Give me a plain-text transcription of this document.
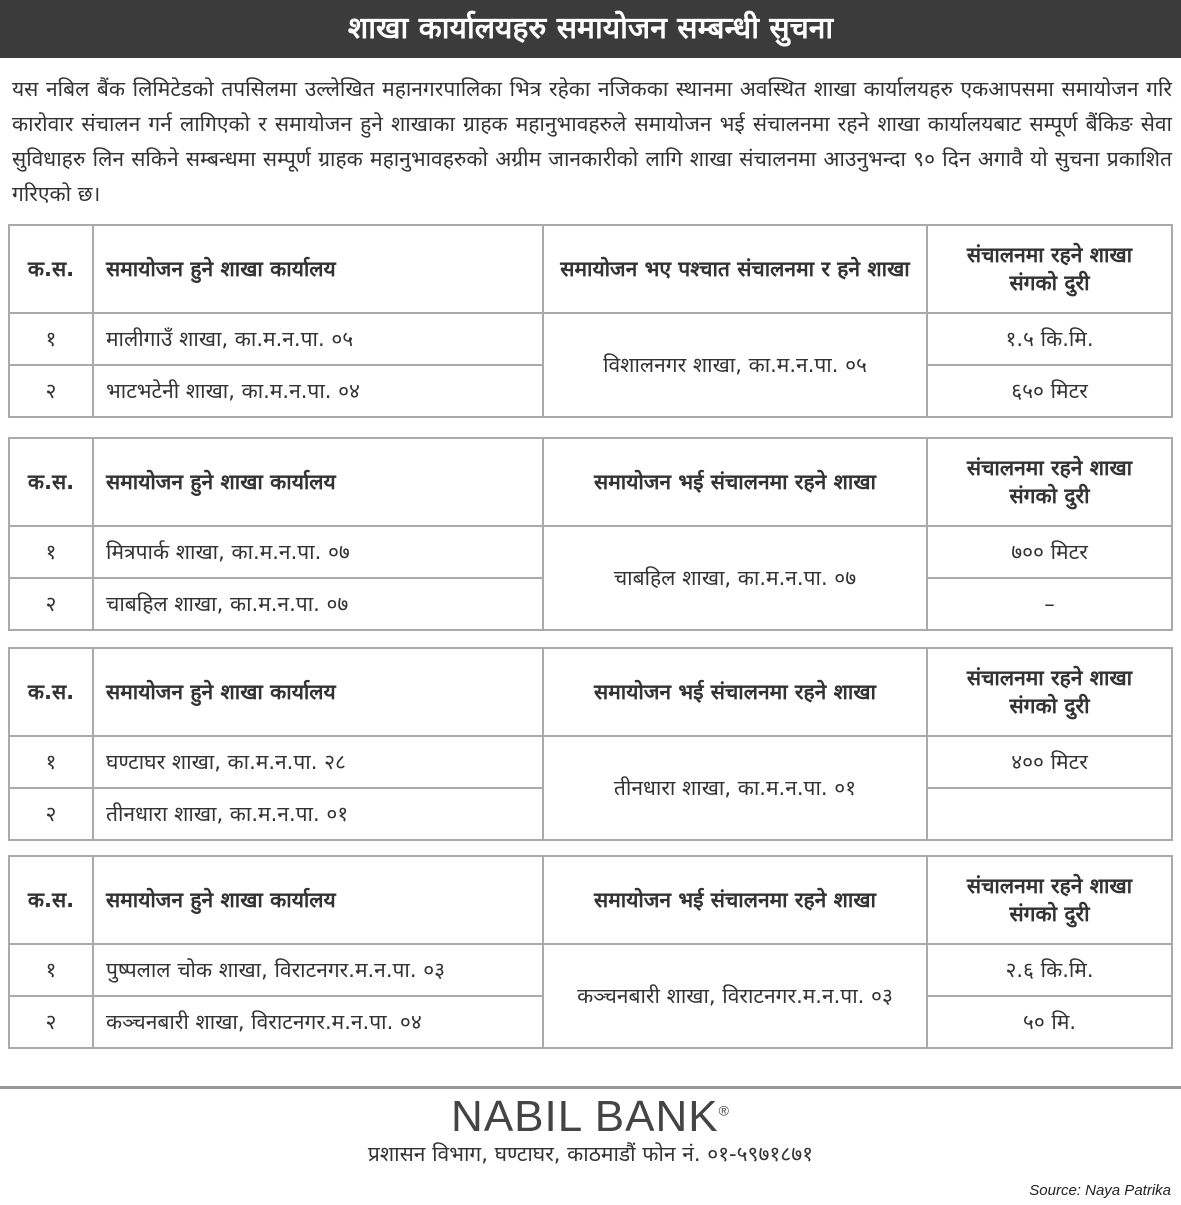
शाखा कार्यालयहरु समायोजन सम्बन्धी सुचना
यस नबिल बैंक लिमिटेडको तपसिलमा उल्लेखित महानगरपालिका भित्र रहेका नजिकका स्थानमा अवस्थित शाखा कार्यालयहरु एकआपसमा समायोजन गरि कारोवार संचालन गर्न लागिएको र समायोजन हुने शाखाका ग्राहक महानुभावहरुले समायोजन भई संचालनमा रहने शाखा कार्यालयबाट सम्पूर्ण बैंकिङ सेवा सुविधाहरु लिन सकिने सम्बन्धमा सम्पूर्ण ग्राहक महानुभावहरुको अग्रीम जानकारीको लागि शाखा संचालनमा आउनुभन्दा ९० दिन अगावै यो सुचना प्रकाशित गरिएको छ।
क.स.	समायोजन हुने शाखा कार्यालय	समायोजन भए पश्चात संचालनमा र हने शाखा	संचालनमा रहने शाखा संगको दुरी
१	मालीगाउँ शाखा, का.म.न.पा. ०५	विशालनगर शाखा, का.म.न.पा. ०५	१.५ कि.मि.
२	भाटभटेनी शाखा, का.म.न.पा. ०४		६५० मिटर
क.स.	समायोजन हुने शाखा कार्यालय	समायोजन भई संचालनमा रहने शाखा	संचालनमा रहने शाखा संगको दुरी
१	मित्रपार्क शाखा, का.म.न.पा. ०७	चाबहिल शाखा, का.म.न.पा. ०७	७०० मिटर
२	चाबहिल शाखा, का.म.न.पा. ०७		–
क.स.	समायोजन हुने शाखा कार्यालय	समायोजन भई संचालनमा रहने शाखा	संचालनमा रहने शाखा संगको दुरी
१	घण्टाघर शाखा, का.म.न.पा. २८	तीनधारा शाखा, का.म.न.पा. ०१	४०० मिटर
२	तीनधारा शाखा, का.म.न.पा. ०१		
क.स.	समायोजन हुने शाखा कार्यालय	समायोजन भई संचालनमा रहने शाखा	संचालनमा रहने शाखा संगको दुरी
१	पुष्पलाल चोक शाखा, विराटनगर.म.न.पा. ०३	कञ्चनबारी शाखा, विराटनगर.म.न.पा. ०३	२.६ कि.मि.
२	कञ्चनबारी शाखा, विराटनगर.म.न.पा. ०४		५० मि.
NABIL BANK®
प्रशासन विभाग, घण्टाघर, काठमाडौं फोन नं. ०१-५९७१८७१
Source: Naya Patrika
